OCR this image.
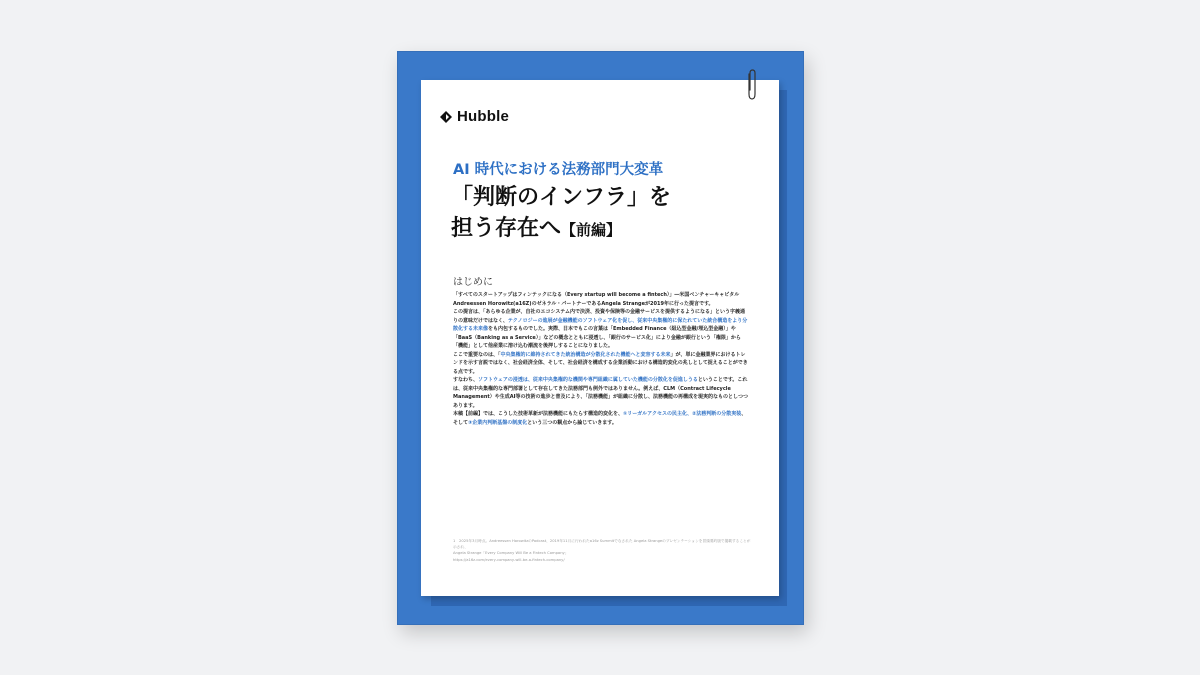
Hubble
AI 時代における法務部門大変革
「判断のインフラ」を
担う存在へ【前編】
はじめに

「すべてのスタートアップはフィンテックになる（Every startup will become a fintech）」―米国ベンチャーキャピタルAndreessen Horowitz(a16Z)のゼネラル・パートナーであるAngela Strangeが2019年に行った提言です。

この提言は、「あらゆる企業が、自社のエコシステム内で決済、投資や保険等の金融サービスを提供するようになる」という字義通りの意味だけではなく、テクノロジーの進展が金融機能のソフトウェア化を促し、従来中央集権的に保たれていた統合構造をより分散化する未来像をも内包するものでした。実際、日本でもこの言葉は「Embedded Finance（組込型金融/埋込型金融）」や「BaaS（Banking as a Service）」などの概念とともに浸透し、「銀行のサービス化」により金融が銀行という「権限」から「機能」として他産業に溶け込む潮流を後押しすることになりました。

ここで重要なのは、「中央集権的に維持されてきた統治構造が分散化された機能へと変容する未来」が、単に金融業界におけるトレンドを示す言説ではなく、社会経済全体、そして、社会経済を構成する企業活動における構造的変化の兆しとして捉えることができる点です。

すなわち、ソフトウェアの浸透は、従来中央集権的な機関や専門組織に属していた機能の分散化を促進しうるということです。これは、従来中央集権的な専門部署として存在してきた法務部門も例外ではありません。例えば、CLM（Contract Lifecycle Management）や生成AI等の技術の進歩と普及により、「法務機能」が組織に分散し、法務機能の再構成を現実的なものとしつつあります。

本稿【前編】では、こうした技術革新が法務機能にもたらす構造的変化を、①リーガルアクセスの民主化、②法務判断の分散実装、そして③企業内判断基盤の制度化という三つの観点から論じていきます。

1　2025年3月時点。Andreessen HorowitzのPodcast、2019年11月に行われたa16z Summitでなされた Angela Strangeのプレゼンテーションを冒頭要約版で掲載することが示され、

Angela Strange「Every Company Will Be a Fintech Company」

https://a16z.com/every-company-will-be-a-fintech-company/
